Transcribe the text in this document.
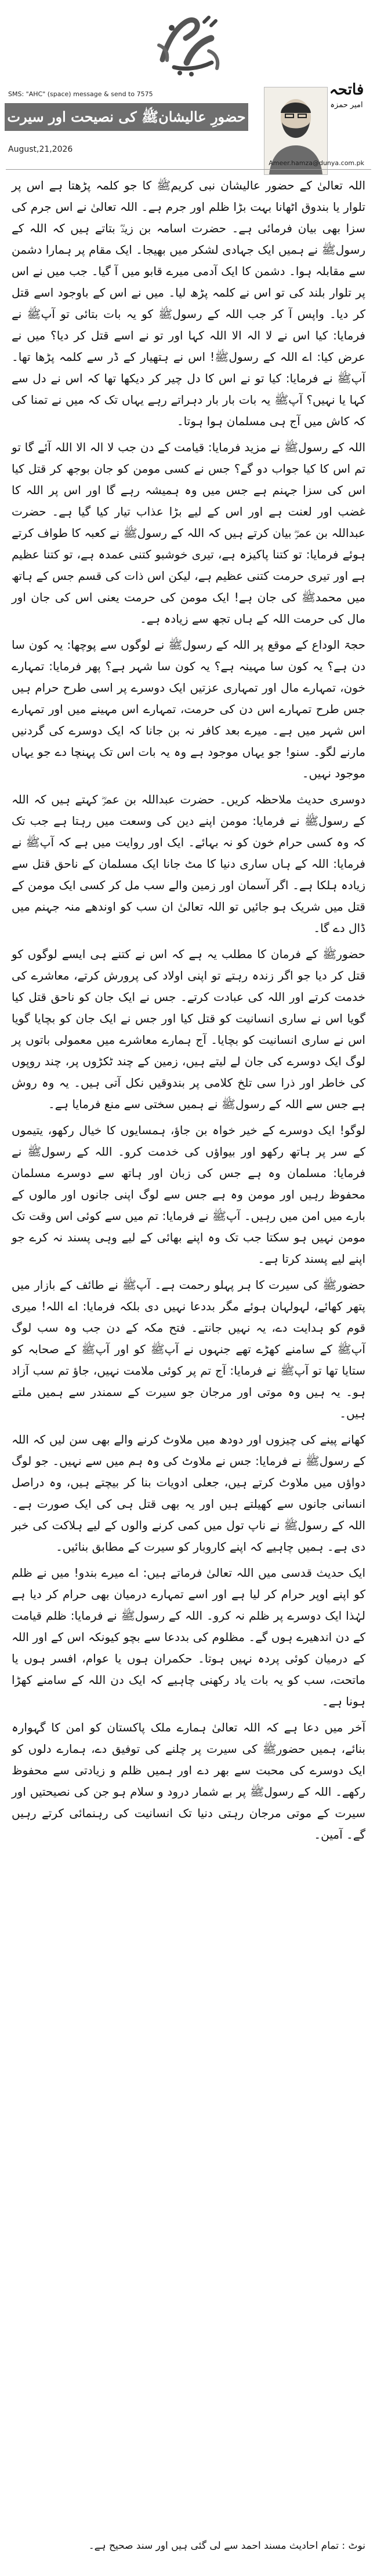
فاتحہ
امیر حمزہ
SMS: "AHC" (space) message & send to 7575
حضورِ عالیشانﷺ کی نصیحت اور سیرت کے موتی مرجان
August,21,2026
Ameer.hamza@dunya.com.pk

اللہ تعالیٰ کے حضور عالیشان نبی کریمﷺ کا جو کلمہ پڑھتا ہے اس پر تلوار یا بندوق اٹھانا بہت بڑا ظلم اور جرم ہے۔ اللہ تعالیٰ نے اس جرم کی سزا بھی بیان فرمائی ہے۔ حضرت اسامہ بن زیدؓ بتاتے ہیں کہ اللہ کے رسولﷺ نے ہمیں ایک جہادی لشکر میں بھیجا۔ ایک مقام پر ہمارا دشمن سے مقابلہ ہوا۔ دشمن کا ایک آدمی میرے قابو میں آ گیا۔ جب میں نے اس پر تلوار بلند کی تو اس نے کلمہ پڑھ لیا۔ میں نے اس کے باوجود اسے قتل کر دیا۔ واپس آ کر جب اللہ کے رسولﷺ کو یہ بات بتائی تو آپﷺ نے فرمایا: کیا اس نے لا الہ الا اللہ کہا اور تو نے اسے قتل کر دیا؟ میں نے عرض کیا: اے اللہ کے رسولﷺ! اس نے ہتھیار کے ڈر سے کلمہ پڑھا تھا۔ آپﷺ نے فرمایا: کیا تو نے اس کا دل چیر کر دیکھا تھا کہ اس نے دل سے کہا یا نہیں؟ آپﷺ یہ بات بار بار دہراتے رہے یہاں تک کہ میں نے تمنا کی کہ کاش میں آج ہی مسلمان ہوا ہوتا۔

اللہ کے رسولﷺ نے مزید فرمایا: قیامت کے دن جب لا الہ الا اللہ آئے گا تو تم اس کا کیا جواب دو گے؟ جس نے کسی مومن کو جان بوجھ کر قتل کیا اس کی سزا جہنم ہے جس میں وہ ہمیشہ رہے گا اور اس پر اللہ کا غضب اور لعنت ہے اور اس کے لیے بڑا عذاب تیار کیا گیا ہے۔ حضرت عبداللہ بن عمرؓ بیان کرتے ہیں کہ اللہ کے رسولﷺ نے کعبہ کا طواف کرتے ہوئے فرمایا: تو کتنا پاکیزہ ہے، تیری خوشبو کتنی عمدہ ہے، تو کتنا عظیم ہے اور تیری حرمت کتنی عظیم ہے، لیکن اس ذات کی قسم جس کے ہاتھ میں محمدﷺ کی جان ہے! ایک مومن کی حرمت یعنی اس کی جان اور مال کی حرمت اللہ کے ہاں تجھ سے زیادہ ہے۔

حجۃ الوداع کے موقع پر اللہ کے رسولﷺ نے لوگوں سے پوچھا: یہ کون سا دن ہے؟ یہ کون سا مہینہ ہے؟ یہ کون سا شہر ہے؟ پھر فرمایا: تمہارے خون، تمہارے مال اور تمہاری عزتیں ایک دوسرے پر اسی طرح حرام ہیں جس طرح تمہارے اس دن کی حرمت، تمہارے اس مہینے میں اور تمہارے اس شہر میں ہے۔ میرے بعد کافر نہ بن جانا کہ ایک دوسرے کی گردنیں مارنے لگو۔ سنو! جو یہاں موجود ہے وہ یہ بات اس تک پہنچا دے جو یہاں موجود نہیں۔

دوسری حدیث ملاحظہ کریں۔ حضرت عبداللہ بن عمرؓ کہتے ہیں کہ اللہ کے رسولﷺ نے فرمایا: مومن اپنے دین کی وسعت میں رہتا ہے جب تک کہ وہ کسی حرام خون کو نہ بہائے۔ ایک اور روایت میں ہے کہ آپﷺ نے فرمایا: اللہ کے ہاں ساری دنیا کا مٹ جانا ایک مسلمان کے ناحق قتل سے زیادہ ہلکا ہے۔ اگر آسمان اور زمین والے سب مل کر کسی ایک مومن کے قتل میں شریک ہو جائیں تو اللہ تعالیٰ ان سب کو اوندھے منہ جہنم میں ڈال دے گا۔

حضورﷺ کے فرمان کا مطلب یہ ہے کہ اس نے کتنے ہی ایسے لوگوں کو قتل کر دیا جو اگر زندہ رہتے تو اپنی اولاد کی پرورش کرتے، معاشرے کی خدمت کرتے اور اللہ کی عبادت کرتے۔ جس نے ایک جان کو ناحق قتل کیا گویا اس نے ساری انسانیت کو قتل کیا اور جس نے ایک جان کو بچایا گویا اس نے ساری انسانیت کو بچایا۔ آج ہمارے معاشرے میں معمولی باتوں پر لوگ ایک دوسرے کی جان لے لیتے ہیں، زمین کے چند ٹکڑوں پر، چند روپوں کی خاطر اور ذرا سی تلخ کلامی پر بندوقیں نکل آتی ہیں۔ یہ وہ روش ہے جس سے اللہ کے رسولﷺ نے ہمیں سختی سے منع فرمایا ہے۔

لوگو! ایک دوسرے کے خیر خواہ بن جاؤ، ہمسایوں کا خیال رکھو، یتیموں کے سر پر ہاتھ رکھو اور بیواؤں کی خدمت کرو۔ اللہ کے رسولﷺ نے فرمایا: مسلمان وہ ہے جس کی زبان اور ہاتھ سے دوسرے مسلمان محفوظ رہیں اور مومن وہ ہے جس سے لوگ اپنی جانوں اور مالوں کے بارے میں امن میں رہیں۔ آپﷺ نے فرمایا: تم میں سے کوئی اس وقت تک مومن نہیں ہو سکتا جب تک وہ اپنے بھائی کے لیے وہی پسند نہ کرے جو اپنے لیے پسند کرتا ہے۔

حضورﷺ کی سیرت کا ہر پہلو رحمت ہے۔ آپﷺ نے طائف کے بازار میں پتھر کھائے، لہولہان ہوئے مگر بددعا نہیں دی بلکہ فرمایا: اے اللہ! میری قوم کو ہدایت دے، یہ نہیں جانتے۔ فتح مکہ کے دن جب وہ سب لوگ آپﷺ کے سامنے کھڑے تھے جنہوں نے آپﷺ کو اور آپﷺ کے صحابہ کو ستایا تھا تو آپﷺ نے فرمایا: آج تم پر کوئی ملامت نہیں، جاؤ تم سب آزاد ہو۔ یہ ہیں وہ موتی اور مرجان جو سیرت کے سمندر سے ہمیں ملتے ہیں۔

کھانے پینے کی چیزوں اور دودھ میں ملاوٹ کرنے والے بھی سن لیں کہ اللہ کے رسولﷺ نے فرمایا: جس نے ملاوٹ کی وہ ہم میں سے نہیں۔ جو لوگ دواؤں میں ملاوٹ کرتے ہیں، جعلی ادویات بنا کر بیچتے ہیں، وہ دراصل انسانی جانوں سے کھیلتے ہیں اور یہ بھی قتل ہی کی ایک صورت ہے۔ اللہ کے رسولﷺ نے ناپ تول میں کمی کرنے والوں کے لیے ہلاکت کی خبر دی ہے۔ ہمیں چاہیے کہ اپنے کاروبار کو سیرت کے مطابق بنائیں۔

ایک حدیث قدسی میں اللہ تعالیٰ فرماتے ہیں: اے میرے بندو! میں نے ظلم کو اپنے اوپر حرام کر لیا ہے اور اسے تمہارے درمیان بھی حرام کر دیا ہے لہٰذا ایک دوسرے پر ظلم نہ کرو۔ اللہ کے رسولﷺ نے فرمایا: ظلم قیامت کے دن اندھیرے ہوں گے۔ مظلوم کی بددعا سے بچو کیونکہ اس کے اور اللہ کے درمیان کوئی پردہ نہیں ہوتا۔ حکمران ہوں یا عوام، افسر ہوں یا ماتحت، سب کو یہ بات یاد رکھنی چاہیے کہ ایک دن اللہ کے سامنے کھڑا ہونا ہے۔

آخر میں دعا ہے کہ اللہ تعالیٰ ہمارے ملک پاکستان کو امن کا گہوارہ بنائے، ہمیں حضورﷺ کی سیرت پر چلنے کی توفیق دے، ہمارے دلوں کو ایک دوسرے کی محبت سے بھر دے اور ہمیں ظلم و زیادتی سے محفوظ رکھے۔ اللہ کے رسولﷺ پر بے شمار درود و سلام ہو جن کی نصیحتیں اور سیرت کے موتی مرجان رہتی دنیا تک انسانیت کی رہنمائی کرتے رہیں گے۔ آمین۔

نوٹ : تمام احادیث مسند احمد سے لی گئی ہیں اور سند صحیح ہے۔
